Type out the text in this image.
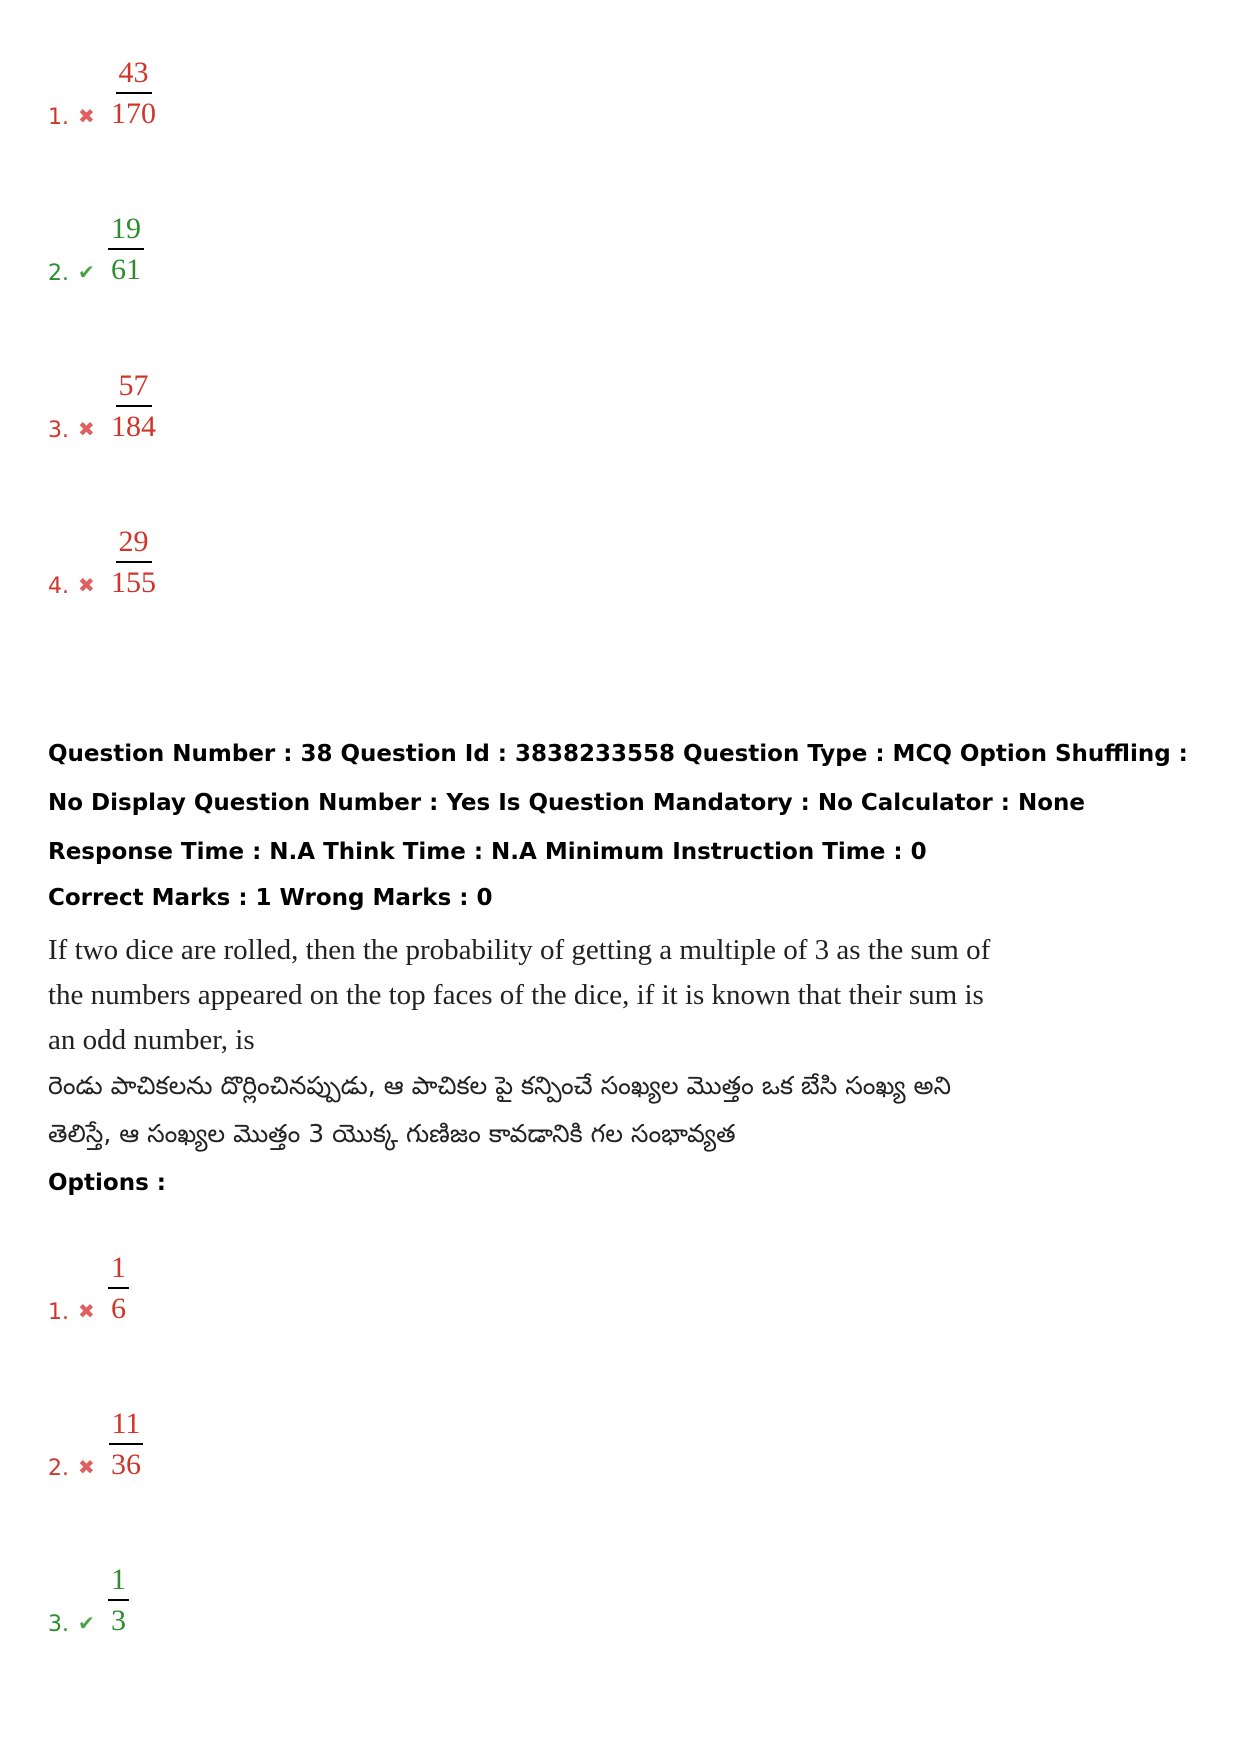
1. ✖ $\frac{43}{170}$
2. ✔ $\frac{19}{61}$
3. ✖ $\frac{57}{184}$
4. ✖ $\frac{29}{155}$
Question Number : 38 Question Id : 3838233558 Question Type : MCQ Option Shuffling : No Display Question Number : Yes Is Question Mandatory : No Calculator : None Response Time : N.A Think Time : N.A Minimum Instruction Time : 0
Correct Marks : 1 Wrong Marks : 0
If two dice are rolled, then the probability of getting a multiple of 3 as the sum of the numbers appeared on the top faces of the dice, if it is known that their sum is an odd number, is
రెండు పాచికలను దొర్లించినప్పుడు, ఆ పాచికల పై కన్పించే సంఖ్యల మొత్తం ఒక బేసి సంఖ్య అని తెలిస్తే, ఆ సంఖ్యల మొత్తం 3 యొక్క గుణిజం కావడానికి గల సంభావ్యత
Options :
1. ✖ $\frac{1}{6}$
2. ✖ $\frac{11}{36}$
3. ✔ $\frac{1}{3}$
